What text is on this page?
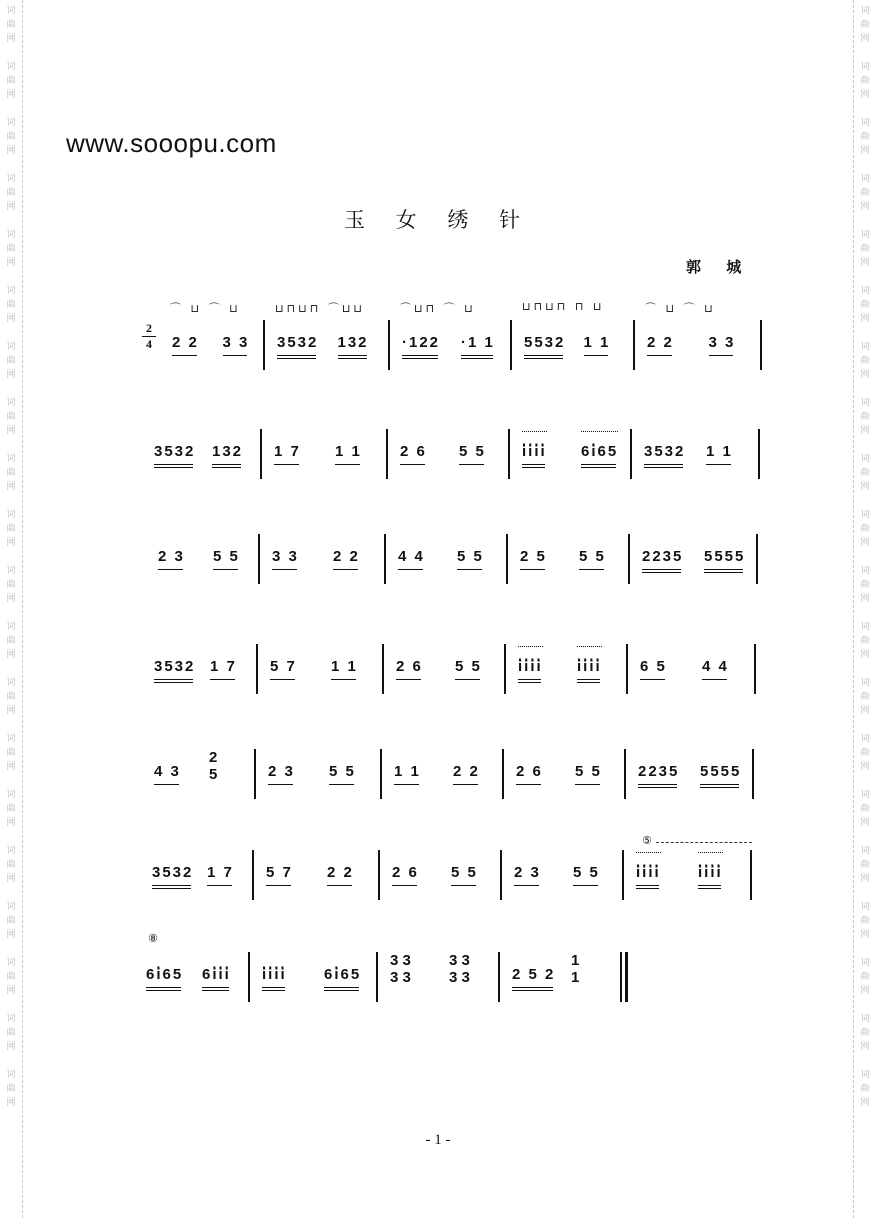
词
曲
网

词
曲
网

词
曲
网

词
曲
网

词
曲
网

词
曲
网

词
曲
网

词
曲
网

词
曲
网

词
曲
网

词
曲
网

词
曲
网

词
曲
网

词
曲
网

词
曲
网

词
曲
网

词
曲
网

词
曲
网

词
曲
网

词
曲
网

词
曲
网

词
曲
网

词
曲
网

词
曲
网

词
曲
网

词
曲
网

词
曲
网

词
曲
网

词
曲
网

词
曲
网

词
曲
网

词
曲
网

词
曲
网

词
曲
网

词
曲
网

词
曲
网

词
曲
网

词
曲
网

词
曲
网

词
曲
网

www.sooopu.com
玉 女 绣 针
郭 城
2
4 2 2 3 3 3532 132 ·122 ·1 1 5532 1 1 2 2 3 3
⌒ ⊔ ⌒ ⊔	⊔⊓⊔⊓ ⌒⊔⊔	⌒⊔⊓ ⌒ ⊔	⊔⊓⊔⊓ ⊓ ⊔	⌒ ⊔ ⌒ ⊔
3532 132 1 7 1 1	2 6 5 5 i̇i̇i̇i̇ 6i̇65 3532 1 1
2 3 5 5 3 3 2 2	4 4 5 5 2 5 5 5 2235 5555
3532 1 7 5 7 1 1	2 6 5 5 i̇i̇i̇i̇ i̇i̇i̇i̇	6 5 4 4
4 3
2
5	2 3 5 5	1 1 2 2 2 6 5 5 2235 5555
3532 1 7 5 7 2 2	2 6 5 5 2 3 5 5 i̇i̇i̇i̇ i̇i̇i̇i̇
⑤
6i̇65 6i̇i̇i̇ i̇i̇i̇i̇ 6i̇65
3 3
3 3
3 3
3 3	2 5 2
1
1
⑧
- 1 -
